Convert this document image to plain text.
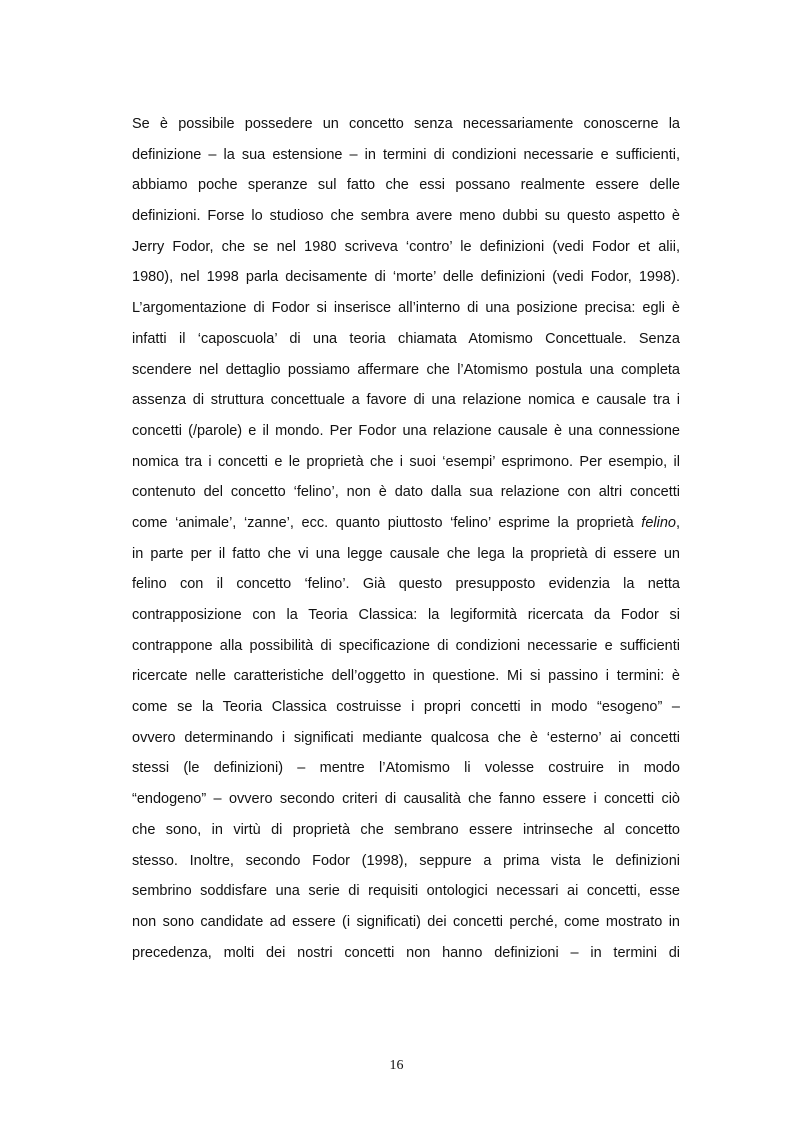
Se è possibile possedere un concetto senza necessariamente conoscerne la
definizione – la sua estensione – in termini di condizioni necessarie e sufficienti,
abbiamo poche speranze sul fatto che essi possano realmente essere delle
definizioni. Forse lo studioso che sembra avere meno dubbi su questo aspetto è
Jerry Fodor, che se nel 1980 scriveva ‘contro’ le definizioni (vedi Fodor et alii,
1980), nel 1998 parla decisamente di ‘morte’ delle definizioni (vedi Fodor, 1998).
L’argomentazione di Fodor si inserisce all’interno di una posizione precisa: egli è
infatti il ‘caposcuola’ di una teoria chiamata Atomismo Concettuale. Senza
scendere nel dettaglio possiamo affermare che l’Atomismo postula una completa
assenza di struttura concettuale a favore di una relazione nomica e causale tra i
concetti (/parole) e il mondo. Per Fodor una relazione causale è una connessione
nomica tra i concetti e le proprietà che i suoi ‘esempi’ esprimono. Per esempio, il
contenuto del concetto ‘felino’, non è dato dalla sua relazione con altri concetti
come ‘animale’, ‘zanne’, ecc. quanto piuttosto ‘felino’ esprime la proprietà felino,
in parte per il fatto che vi una legge causale che lega la proprietà di essere un
felino con il concetto ‘felino’. Già questo presupposto evidenzia la netta
contrapposizione con la Teoria Classica: la legiformità ricercata da Fodor si
contrappone alla possibilità di specificazione di condizioni necessarie e sufficienti
ricercate nelle caratteristiche dell’oggetto in questione. Mi si passino i termini: è
come se la Teoria Classica costruisse i propri concetti in modo “esogeno” –
ovvero determinando i significati mediante qualcosa che è ‘esterno’ ai concetti
stessi (le definizioni) – mentre l’Atomismo li volesse costruire in modo
“endogeno” – ovvero secondo criteri di causalità che fanno essere i concetti ciò
che sono, in virtù di proprietà che sembrano essere intrinseche al concetto
stesso. Inoltre, secondo Fodor (1998), seppure a prima vista le definizioni
sembrino soddisfare una serie di requisiti ontologici necessari ai concetti, esse
non sono candidate ad essere (i significati) dei concetti perché, come mostrato in
precedenza, molti dei nostri concetti non hanno definizioni – in termini di
16
